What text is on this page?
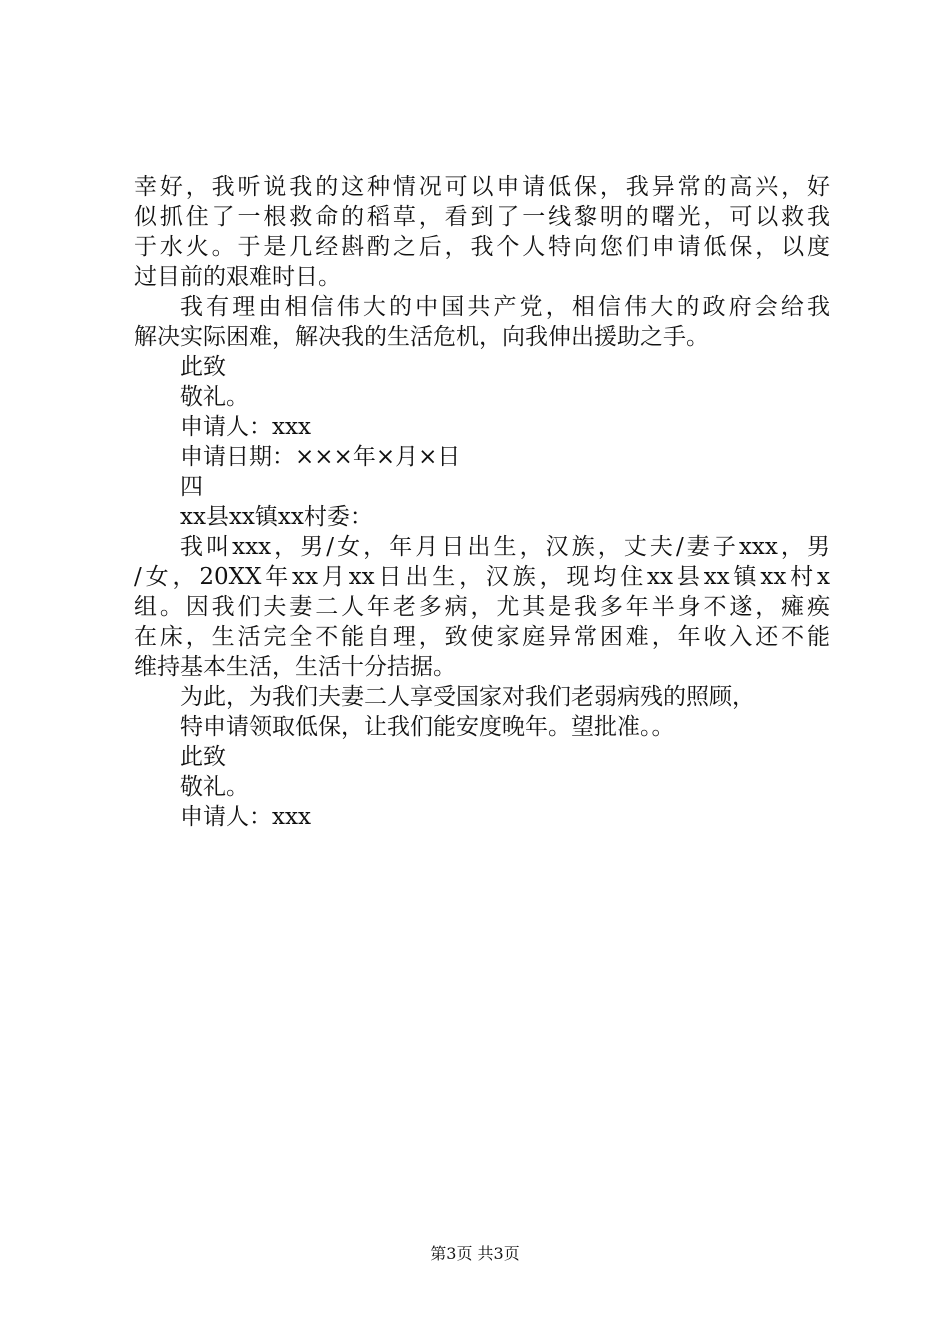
幸好，我听说我的这种情况可以申请低保，我异常的高兴，好
似抓住了一根救命的稻草，看到了一线黎明的曙光，可以救我
于水火。于是几经斟酌之后，我个人特向您们申请低保，以度
过目前的艰难时日。
我有理由相信伟大的中国共产党，相信伟大的政府会给我
解决实际困难，解决我的生活危机，向我伸出援助之手。
此致
敬礼。
申请人：xxx
申请日期：×××年×月×日
四
xx县xx镇xx村委：
我叫xxx，男/女，年月日出生，汉族，丈夫/妻子xxx，男
/女，20XX年xx月xx日出生，汉族，现均住xx县xx镇xx村x
组。因我们夫妻二人年老多病，尤其是我多年半身不遂，瘫痪
在床，生活完全不能自理，致使家庭异常困难，年收入还不能
维持基本生活，生活十分拮据。
为此，为我们夫妻二人享受国家对我们老弱病残的照顾，
特申请领取低保，让我们能安度晚年。望批准。。
此致
敬礼。
申请人：xxx
第3页 共3页
